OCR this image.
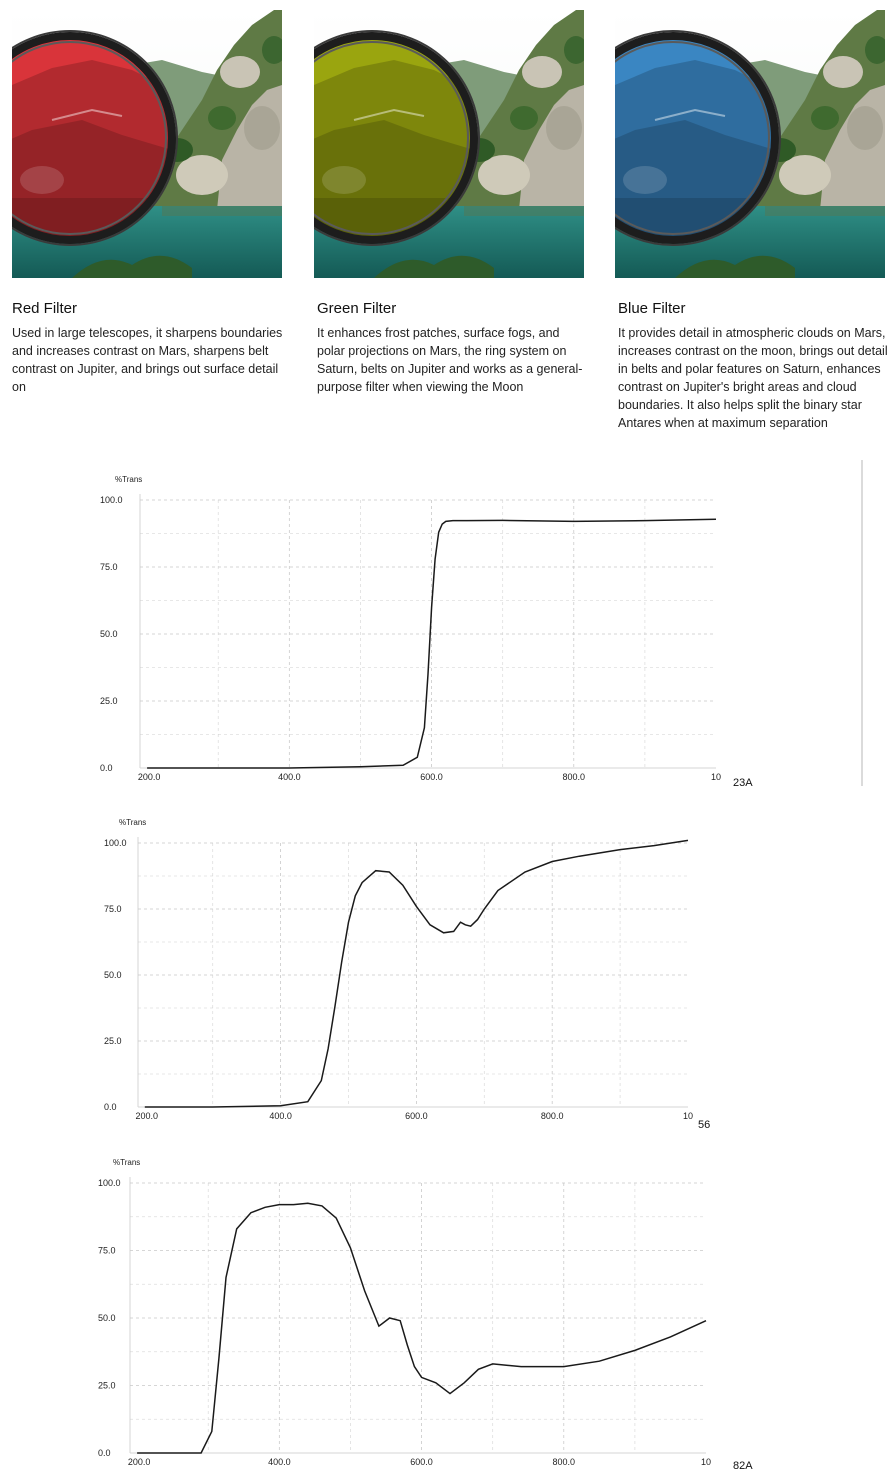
Red Filter
Used in large telescopes, it sharpens boundaries and increases contrast on Mars, sharpens belt contrast on Jupiter, and brings out surface detail on
Green Filter
It enhances frost patches, surface fogs, and polar projections on Mars, the ring system on Saturn, belts on Jupiter and works as a general-purpose filter when viewing the Moon
Blue Filter
It provides detail in atmospheric clouds on Mars, increases contrast on the moon, brings out detail in belts and polar features on Saturn, enhances contrast on Jupiter's bright areas and cloud boundaries. It also helps split the binary star Antares when at maximum separation
0.0
25.0
50.0
75.0
100.0
200.0	400.0	600.0	800.0	10
%Trans
23A
0.0
25.0
50.0
75.0
100.0
200.0	400.0	600.0	800.0	10
%Trans
56
0.0
25.0
50.0
75.0
100.0
200.0	400.0	600.0	800.0	10
%Trans
82A
